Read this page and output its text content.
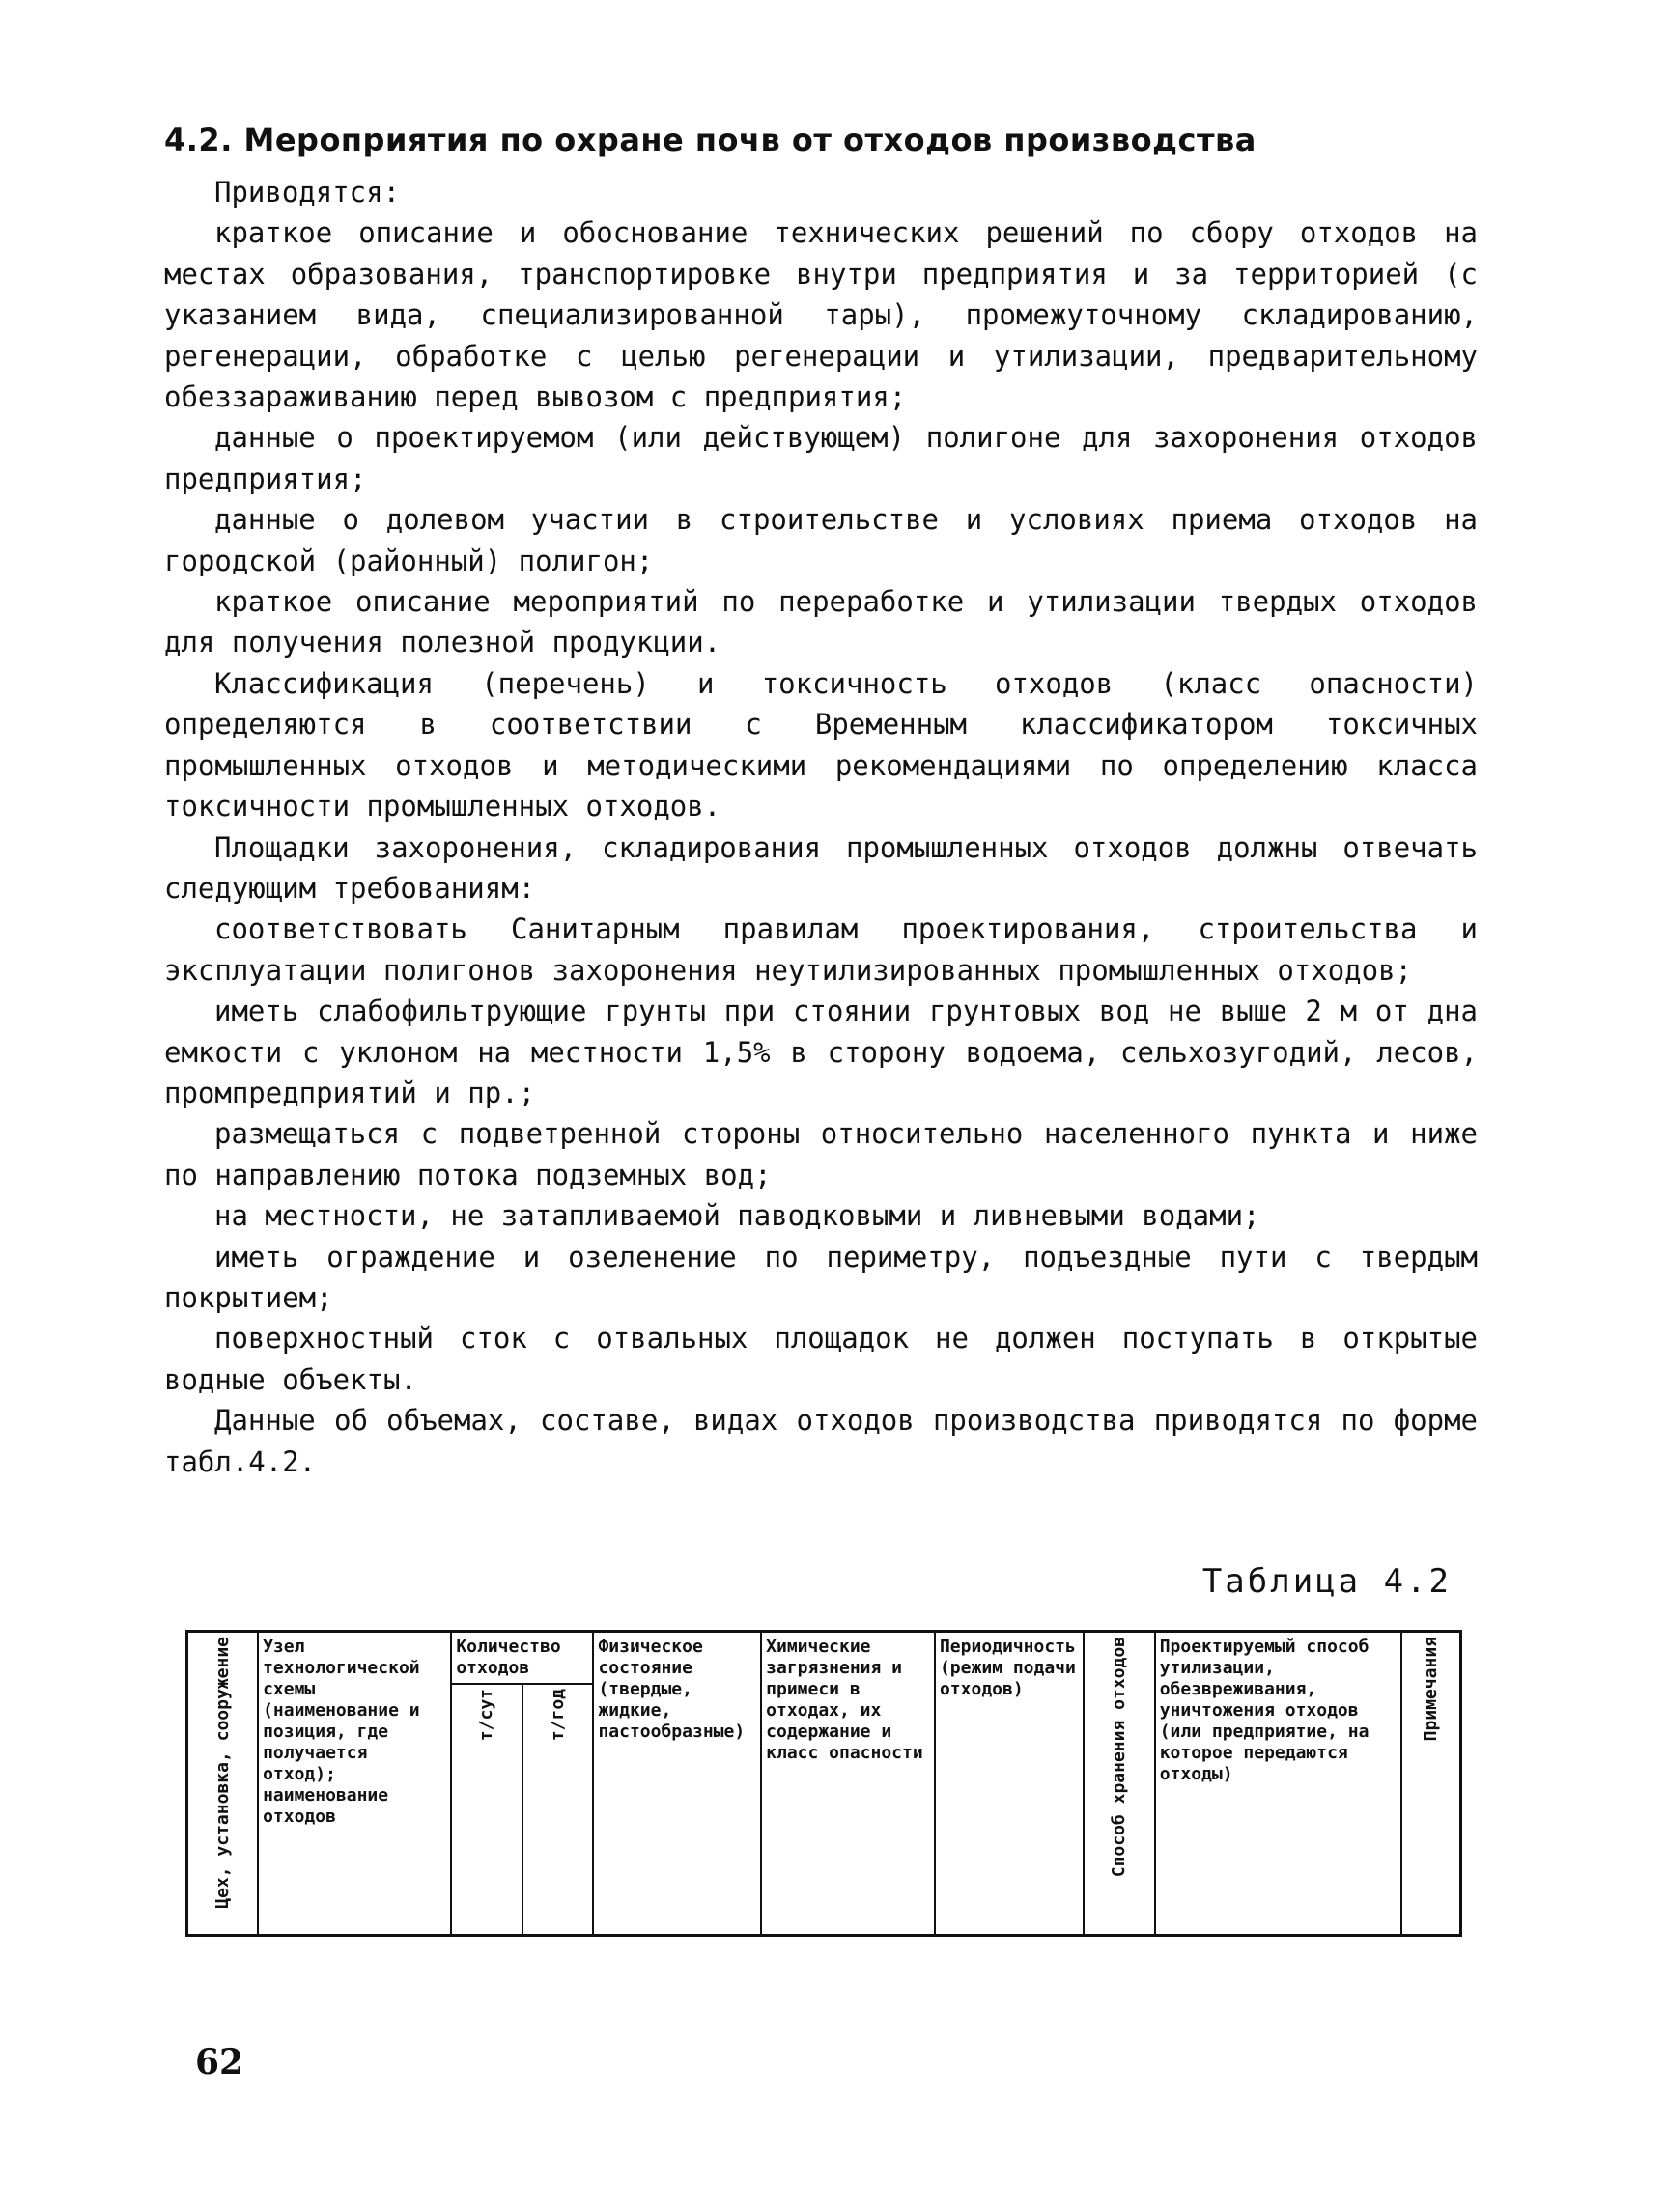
4.2. Мероприятия по охране почв от отходов производства

Приводятся:

краткое описание и обоснование технических решений по сбору отходов на местах образования, транспортировке внутри предприятия и за территорией (с указанием вида, специализированной тары), промежуточному складированию, регенерации, обработке с целью регенерации и утилизации, предварительному обеззараживанию перед вывозом с предприятия;

данные о проектируемом (или действующем) полигоне для захоронения отходов предприятия;

данные о долевом участии в строительстве и условиях приема отходов на городской (районный) полигон;

краткое описание мероприятий по переработке и утилизации твердых отходов для получения полезной продукции.

Классификация (перечень) и токсичность отходов (класс опасности) определяются в соответствии с Временным классификатором токсичных промышленных отходов и методическими рекомендациями по определению класса токсичности промышленных отходов.

Площадки захоронения, складирования промышленных отходов должны отвечать следующим требованиям:

соответствовать Санитарным правилам проектирования, строительства и эксплуатации полигонов захоронения неутилизированных промышленных отходов;

иметь слабофильтрующие грунты при стоянии грунтовых вод не выше 2 м от дна емкости с уклоном на местности 1,5% в сторону водоема, сельхозугодий, лесов, промпредприятий и пр.;

размещаться с подветренной стороны относительно населенного пункта и ниже по направлению потока подземных вод;

на местности, не затапливаемой паводковыми и ливневыми водами;

иметь ограждение и озеленение по периметру, подъездные пути с твердым покрытием;

поверхностный сток с отвальных площадок не должен поступать в открытые водные объекты.

Данные об объемах, составе, видах отходов производства приводятся по форме табл.4.2.

Таблица 4.2
Цех, установка, сооружение	Узел технологической схемы (наименование и позиция, где получается отход); наименование отходов	Количество отходов		Физическое состояние (твердые, жидкие, пастообразные)	Химические загрязнения и примеси в отходах, их содержание и класс опасности	Периодичность (режим подачи отходов)	Способ хранения отходов	Проектируемый способ утилизации, обезвреживания, уничтожения отходов (или предприятие, на которое передаются отходы)	Примечания

		т/сут	т/год						
62
